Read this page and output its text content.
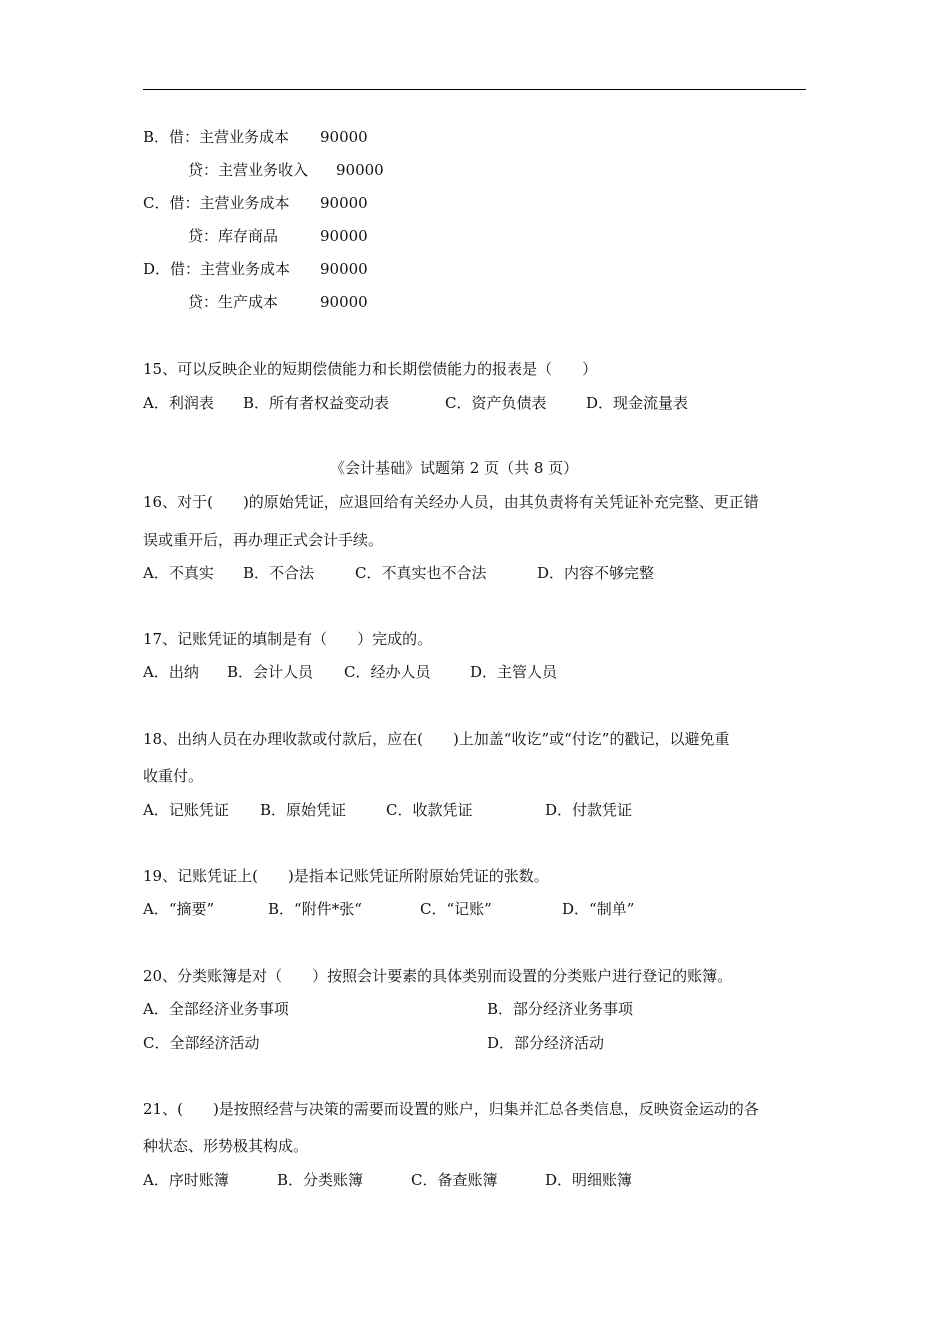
B．借：主营业务成本 90000
贷：主营业务收入 90000
C．借：主营业务成本 90000
贷：库存商品	90000
D．借：主营业务成本 90000
贷：生产成本	90000
15、可以反映企业的短期偿债能力和长期偿债能力的报表是（　　）
A．利润表 B．所有者权益变动表	C．资产负债表	D．现金流量表
《会计基础》试题第 2 页（共 8 页）
16、对于(　　)的原始凭证，应退回给有关经办人员，由其负责将有关凭证补充完整、更正错
误或重开后，再办理正式会计手续。
A．不真实 B．不合法	C．不真实也不合法	D．内容不够完整
17、记账凭证的填制是有（　　）完成的。
A．出纳 B．会计人员 C．经办人员	D．主管人员
18、出纳人员在办理收款或付款后，应在(　　)上加盖“收讫”或“付讫”的戳记，以避免重
收重付。
A．记账凭证 B．原始凭证	C．收款凭证	D．付款凭证
19、记账凭证上(　　)是指本记账凭证所附原始凭证的张数。
A．“摘要”	B．“附件*张“	C．“记账”	D．“制单”
20、分类账簿是对（　　）按照会计要素的具体类别而设置的分类账户进行登记的账簿。
A．全部经济业务事项	B．部分经济业务事项
C．全部经济活动	D．部分经济活动
21、(　　)是按照经营与决策的需要而设置的账户，归集并汇总各类信息，反映资金运动的各
种状态、形势极其构成。
A．序时账簿	B．分类账簿	C．备查账簿	D．明细账簿
